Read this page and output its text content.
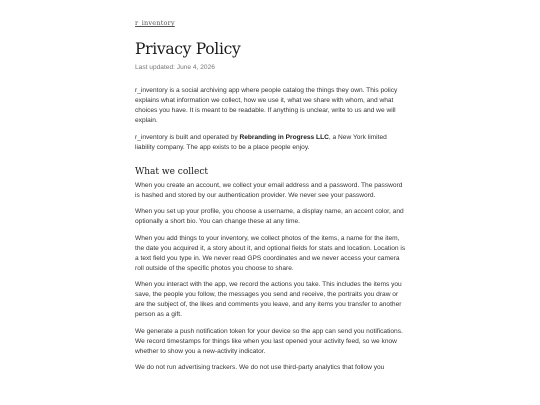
r_inventory
Privacy Policy
Last updated: June 4, 2026

r_inventory is a social archiving app where people catalog the things they own. This policy explains what information we collect, how we use it, what we share with whom, and what choices you have. It is meant to be readable. If anything is unclear, write to us and we will explain.

r_inventory is built and operated by Rebranding in Progress LLC, a New York limited liability company. The app exists to be a place people enjoy.

What we collect

When you create an account, we collect your email address and a password. The password is hashed and stored by our authentication provider. We never see your password.

When you set up your profile, you choose a username, a display name, an accent color, and optionally a short bio. You can change these at any time.

When you add things to your inventory, we collect photos of the items, a name for the item, the date you acquired it, a story about it, and optional fields for stats and location. Location is a text field you type in. We never read GPS coordinates and we never access your camera roll outside of the specific photos you choose to share.

When you interact with the app, we record the actions you take. This includes the items you save, the people you follow, the messages you send and receive, the portraits you draw or are the subject of, the likes and comments you leave, and any items you transfer to another person as a gift.

We generate a push notification token for your device so the app can send you notifications. We record timestamps for things like when you last opened your activity feed, so we know whether to show you a new-activity indicator.

We do not run advertising trackers. We do not use third-party analytics that follow you
